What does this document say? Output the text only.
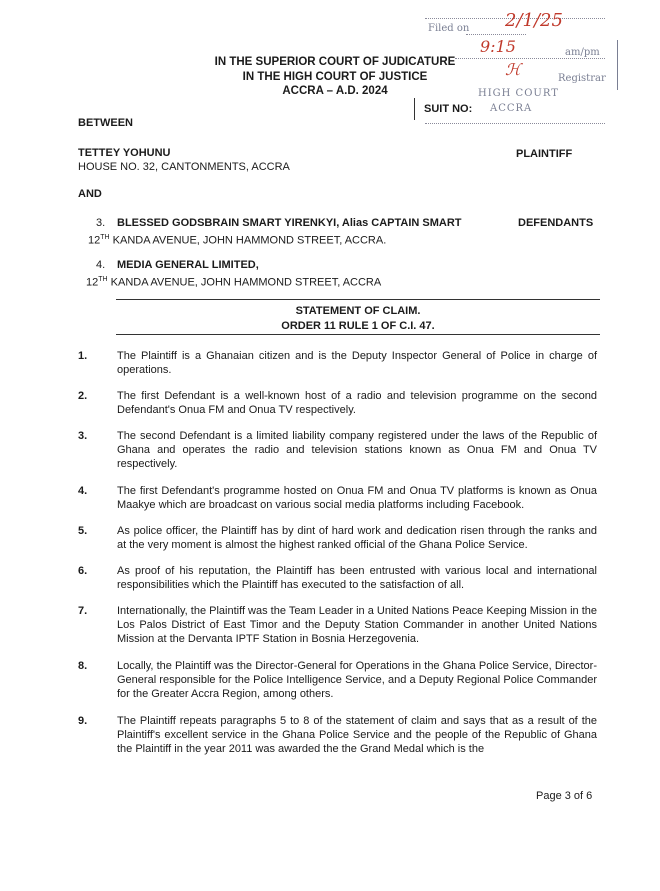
Filed on 2/1/25
9:15	am/pm
ℋ	Registrar
HIGH COURT
ACCRA
IN THE SUPERIOR COURT OF JUDICATURE
IN THE HIGH COURT OF JUSTICE
ACCRA – A.D. 2024
SUIT NO:
BETWEEN
TETTEY YOHUNU
HOUSE NO. 32, CANTONMENTS, ACCRA
PLAINTIFF
AND
3. BLESSED GODSBRAIN SMART YIRENKYI, Alias CAPTAIN SMART	DEFENDANTS
12TH KANDA AVENUE, JOHN HAMMOND STREET, ACCRA.
4. MEDIA GENERAL LIMITED,
12TH KANDA AVENUE, JOHN HAMMOND STREET, ACCRA
STATEMENT OF CLAIM.
ORDER 11 RULE 1 OF C.I. 47.
1.	The Plaintiff is a Ghanaian citizen and is the Deputy Inspector General of Police in charge of operations.
2.	The first Defendant is a well-known host of a radio and television programme on the second Defendant's Onua FM and Onua TV respectively.
3.	The second Defendant is a limited liability company registered under the laws of the Republic of Ghana and operates the radio and television stations known as Onua FM and Onua TV respectively.
4.	The first Defendant's programme hosted on Onua FM and Onua TV platforms is known as Onua Maakye which are broadcast on various social media platforms including Facebook.
5.	As police officer, the Plaintiff has by dint of hard work and dedication risen through the ranks and at the very moment is almost the highest ranked official of the Ghana Police Service.
6.	As proof of his reputation, the Plaintiff has been entrusted with various local and international responsibilities which the Plaintiff has executed to the satisfaction of all.
7.	Internationally, the Plaintiff was the Team Leader in a United Nations Peace Keeping Mission in the Los Palos District of East Timor and the Deputy Station Commander in another United Nations Mission at the Dervanta IPTF Station in Bosnia Herzegovenia.
8.	Locally, the Plaintiff was the Director-General for Operations in the Ghana Police Service, Director-General responsible for the Police Intelligence Service, and a Deputy Regional Police Commander for the Greater Accra Region, among others.
9.	The Plaintiff repeats paragraphs 5 to 8 of the statement of claim and says that as a result of the Plaintiff's excellent service in the Ghana Police Service and the people of the Republic of Ghana the Plaintiff in the year 2011 was awarded the the Grand Medal which is the
Page 3 of 6
